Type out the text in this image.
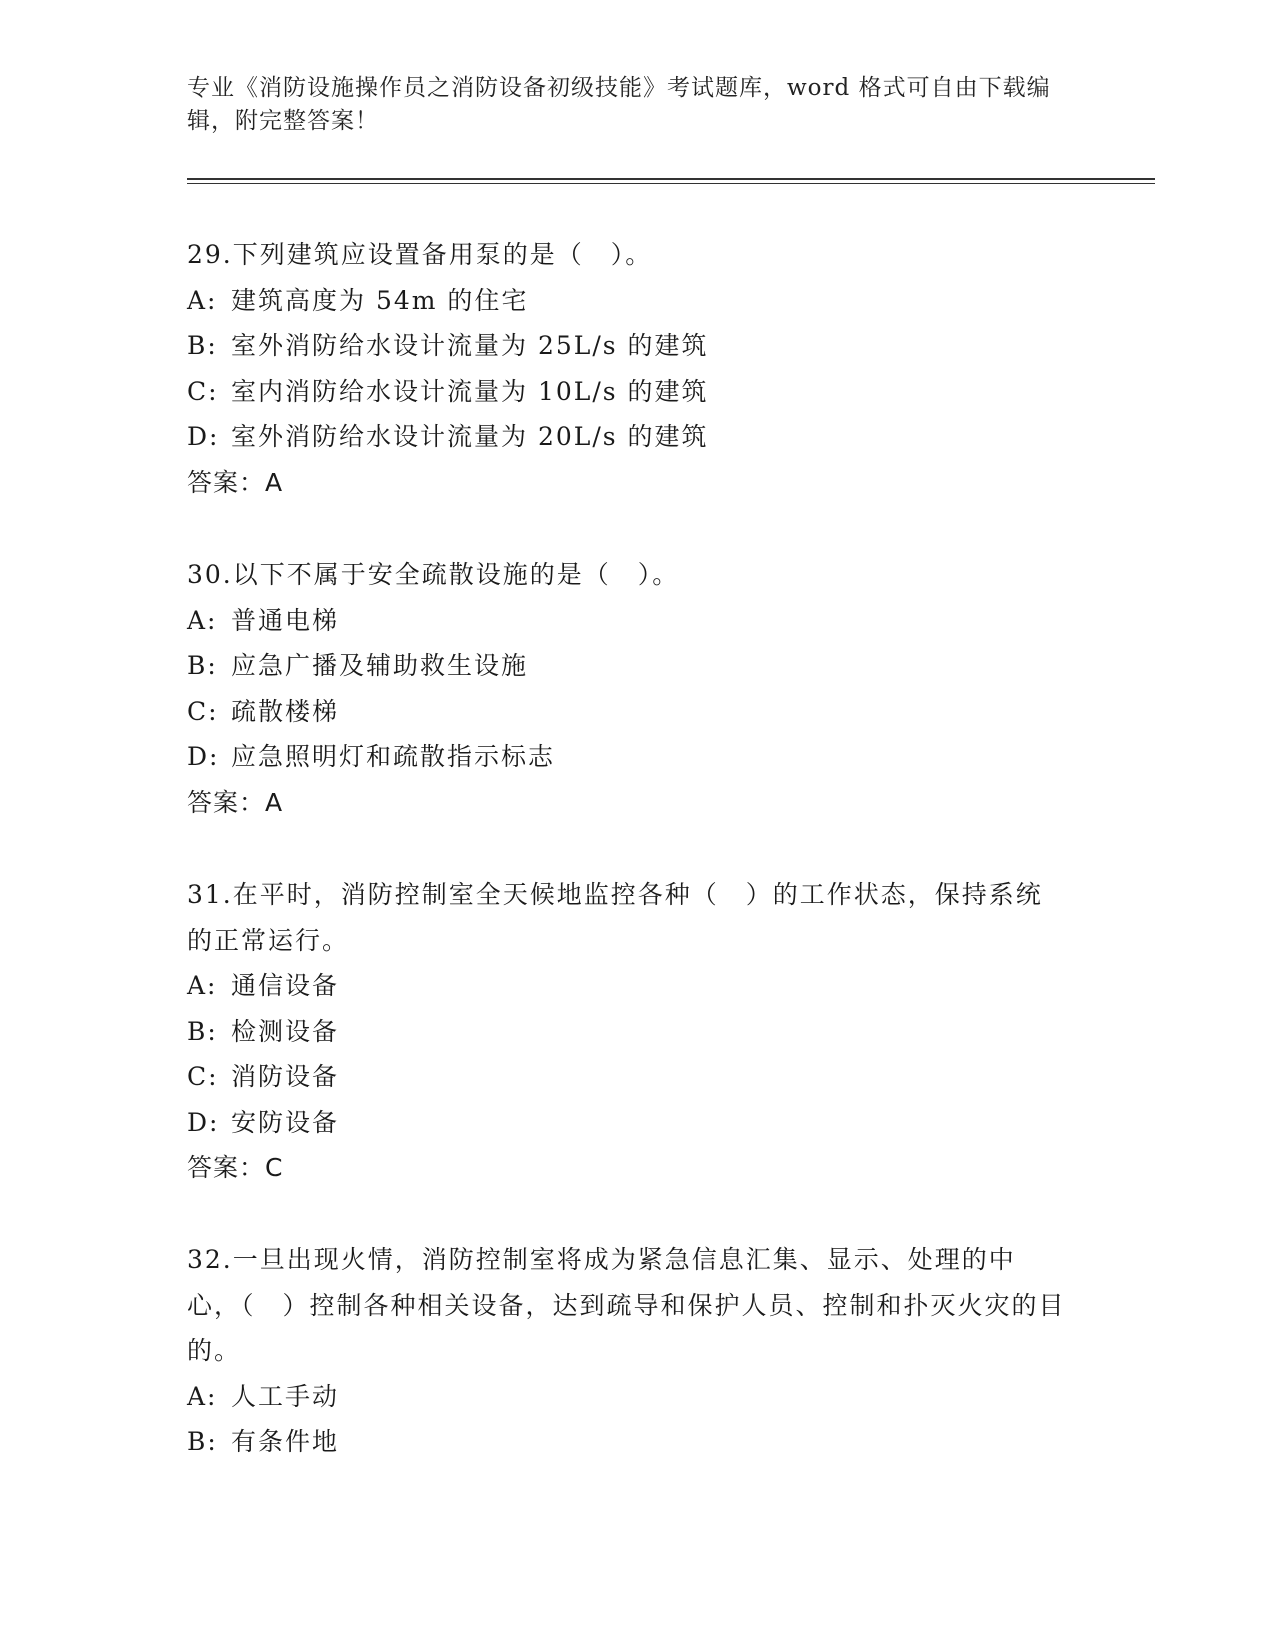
专业《消防设施操作员之消防设备初级技能》考试题库，word 格式可自由下载编辑，附完整答案！
29.下列建筑应设置备用泵的是（　）。
A: 建筑高度为 54m 的住宅
B: 室外消防给水设计流量为 25L/s 的建筑
C: 室内消防给水设计流量为 10L/s 的建筑
D: 室外消防给水设计流量为 20L/s 的建筑
答案：A
30.以下不属于安全疏散设施的是（　）。
A: 普通电梯
B: 应急广播及辅助救生设施
C: 疏散楼梯
D: 应急照明灯和疏散指示标志
答案：A
31.在平时，消防控制室全天候地监控各种（　）的工作状态，保持系统的正常运行。
A: 通信设备
B: 检测设备
C: 消防设备
D: 安防设备
答案：C
32.一旦出现火情，消防控制室将成为紧急信息汇集、显示、处理的中心，（　）控制各种相关设备，达到疏导和保护人员、控制和扑灭火灾的目的。
A: 人工手动
B: 有条件地
